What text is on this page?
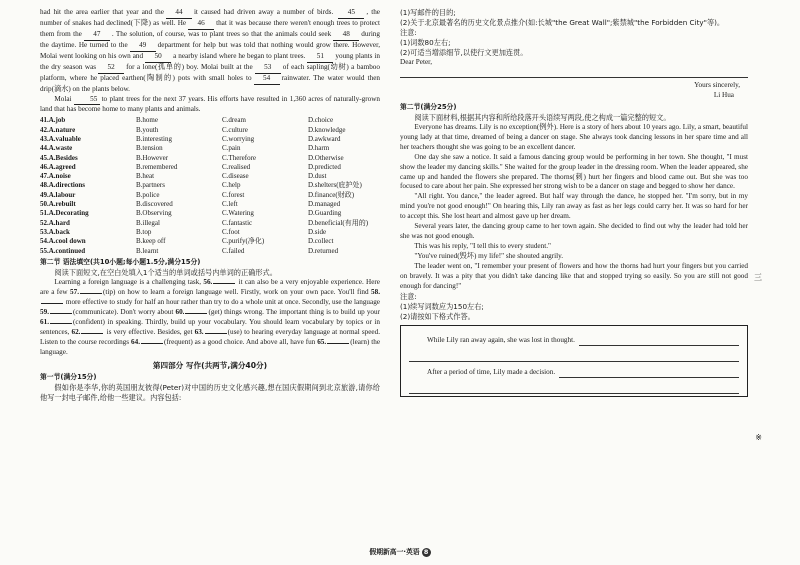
had hit the area earlier that year and the 44 it caused had driven away a number of birds. 45 , the number of snakes had declined(下降) as well. He 46 that it was because there weren't enough trees to protect them from the 47 . The solution, of course, was to plant trees so that the animals could seek 48 during the daytime. He turned to the 49 department for help but was told that nothing would grow there. However, Molai went looking on his own and 50 a nearby island where he began to plant trees. 51 young plants in the dry season was 52 for a lone(孤单的) boy. Molai built at the 53 of each sapling(幼树) a bamboo platform, where he placed earthen(陶制的) pots with small holes to 54 rainwater. The water would then drip(滴水) on the plants below.

Molai	55 to plant trees for the next 37 years. His efforts have resulted in 1,360 acres of naturally-grown land that has become home to many plants and animals.

41.A.job	B.home	C.dream	D.choice
42.A.nature	B.youth	C.culture	D.knowledge
43.A.valuable	B.interesting	C.worrying	D.awkward
44.A.waste	B.tension	C.pain	D.harm
45.A.Besides	B.However	C.Therefore	D.Otherwise
46.A.agreed	B.remembered	C.realised	D.predicted
47.A.noise	B.heat	C.disease	D.dust
48.A.directions	B.partners	C.help	D.shelters(庇护处)
49.A.labour	B.police	C.forest	D.finance(财政)
50.A.rebuilt	B.discovered	C.left	D.managed
51.A.Decorating	B.Observing	C.Watering	D.Guarding
52.A.hard	B.illegal	C.fantastic	D.beneficial(有用的)
53.A.back	B.top	C.foot	D.side
54.A.cool down	B.keep off	C.purify(净化)	D.collect
55.A.continued	B.learnt	C.failed	D.returned
第二节 语法填空(共10小题;每小题1.5分,满分15分)

阅读下面短文,在空白处填入1个适当的单词或括号内单词的正确形式。

Learning a foreign language is a challenging task, 56.	it can also be a very enjoyable experience. Here are a few 57.	(tip) on how to learn a foreign language well. Firstly, work on your own pace. You'll find 58. more effective to study for half an hour rather than try to do a whole unit at once. Secondly, use the language 59.	(communicate). Don't worry about 60.	(get) things wrong. The important thing is to build up your 61.	(confident) in speaking. Thirdly, build up your vocabulary. You should learn vocabulary by topics or in sentences, 62.	is very effective. Besides, get 63.	(use) to hearing everyday language at normal speed. Listen to the course recordings 64.	(frequent) as a good choice. And above all, have fun 65.	(learn) the language.

第四部分 写作(共两节,满分40分)
第一节(满分15分)

假如你是李华,你的英国朋友彼得(Peter)对中国的历史文化感兴趣,想在国庆假期间到北京旅游,请你给他写一封电子邮件,给他一些建议。内容包括:

(1)写邮件的目的;

(2)关于北京最著名的历史文化景点推介(如:长城"the Great Wall";紫禁城"the Forbidden City"等)。

注意:

(1)词数80左右;

(2)可适当增添细节,以使行文更加连贯。

Dear Peter,

Yours sincerely,

Li Hua

第二节(满分25分)

阅读下面材料,根据其内容和所给段落开头语续写两段,使之构成一篇完整的短文。

Everyone has dreams. Lily is no exception(例外). Here is a story of hers about 10 years ago. Lily, a smart, beautiful young lady at that time, dreamed of being a dancer on stage. She always took dancing lessons in her spare time and all her teachers thought she was going to be an excellent dancer.

One day she saw a notice. It said a famous dancing group would be performing in her town. She thought, "I must show the leader my dancing skills." She waited for the group leader in the dressing room. When the leader appeared, she came up and handed the flowers she prepared. The thorns(刺) hurt her fingers and blood came out. But she was too focused to care about her pain. She expressed her strong wish to be a dancer on stage and begged to show her dance.

"All right. You dance," the leader agreed. But half way through the dance, he stopped her. "I'm sorry, but in my mind you're not good enough!" On hearing this, Lily ran away as fast as her legs could carry her. It was so hard for her to accept this. She lost heart and almost gave up her dream.

Several years later, the dancing group came to her town again. She decided to find out why the leader had told her she was not good enough.

This was his reply, "I tell this to every student."

"You've ruined(毁坏) my life!" she shouted angrily.

The leader went on, "I remember your present of flowers and how the thorns had hurt your fingers but you carried on bravely. It was a pity that you didn't take dancing like that and stopped trying so easily. So you are still not good enough for dancing!"

注意:

(1)续写词数应为150左右;

(2)请按如下格式作答。

While Lily ran away again, she was lost in thought.
After a period of time, Lily made a decision.
三
※
假期新高一·英语 8
